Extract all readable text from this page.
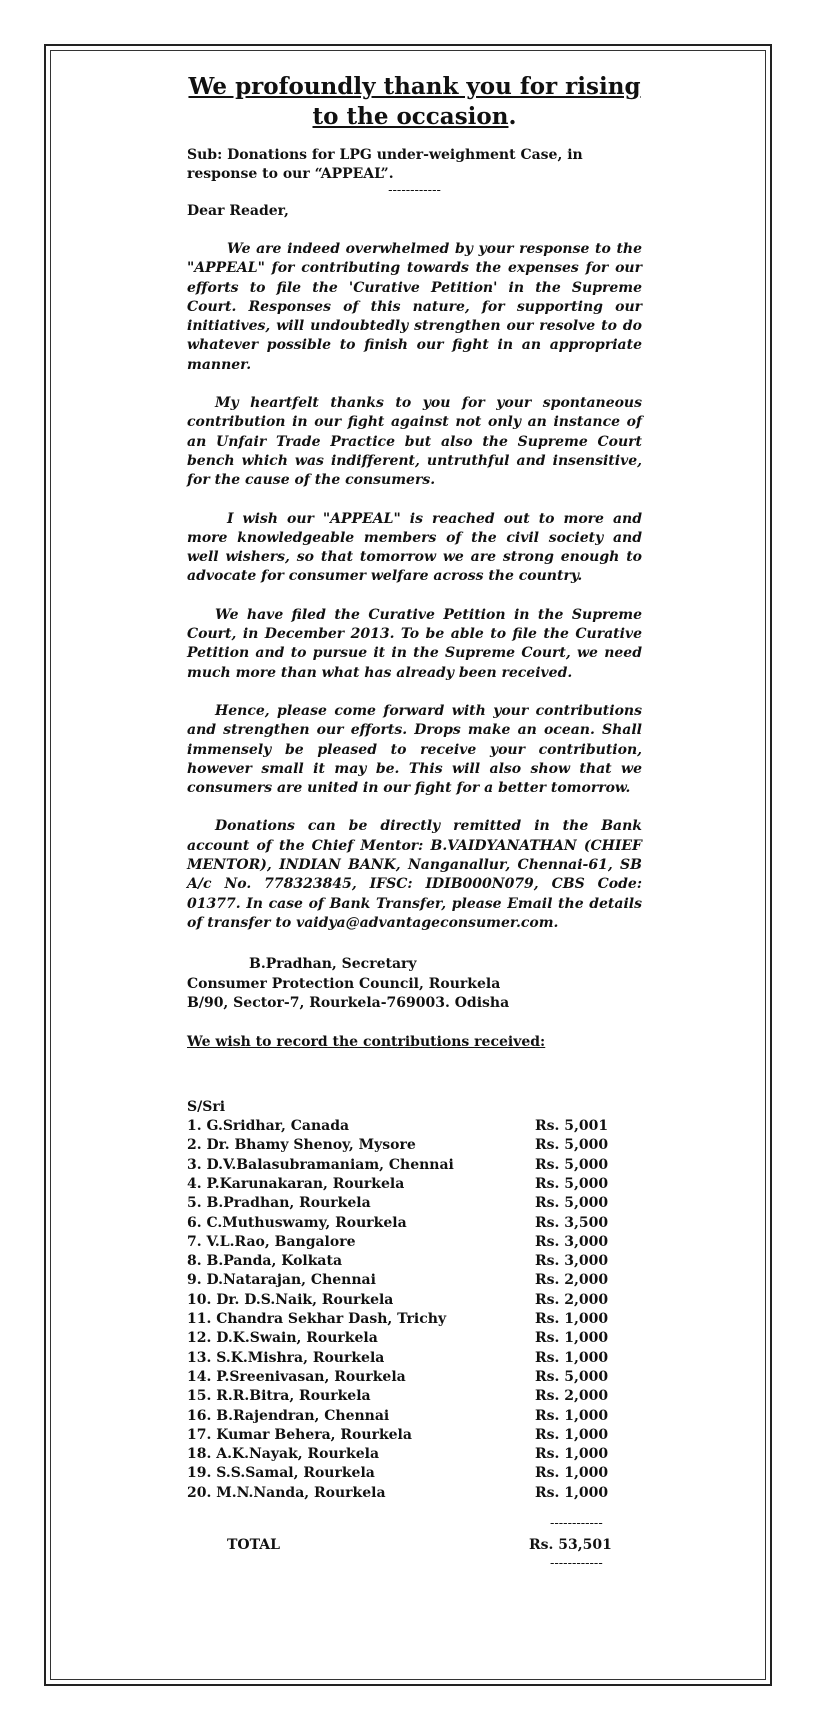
We profoundly thank you for rising
to the occasion.

Sub: Donations for LPG under-weighment Case, in
response to our “APPEAL”.

------------

Dear Reader,

We are indeed overwhelmed by your response to the "APPEAL" for contributing towards the expenses for our efforts to file the 'Curative Petition' in the Supreme Court. Responses of this nature, for supporting our initiatives, will undoubtedly strengthen our resolve to do whatever possible to finish our fight in an appropriate manner.

My heartfelt thanks to you for your spontaneous contribution in our fight against not only an instance of an Unfair Trade Practice but also the Supreme Court bench which was indifferent, untruthful and insensitive, for the cause of the consumers.

I wish our "APPEAL" is reached out to more and more knowledgeable members of the civil society and well wishers, so that tomorrow we are strong enough to advocate for consumer welfare across the country.

We have filed the Curative Petition in the Supreme Court, in December 2013. To be able to file the Curative Petition and to pursue it in the Supreme Court, we need much more than what has already been received.

Hence, please come forward with your contributions and strengthen our efforts. Drops make an ocean. Shall immensely be pleased to receive your contribution, however small it may be. This will also show that we consumers are united in our fight for a better tomorrow.

Donations can be directly remitted in the Bank account of the Chief Mentor: B.VAIDYANATHAN (CHIEF MENTOR), INDIAN BANK, Nanganallur, Chennai-61, SB A/c No. 778323845, IFSC: IDIB000N079, CBS Code: 01377. In case of Bank Transfer, please Email the details of transfer to vaidya@advantageconsumer.com.

B.Pradhan, Secretary
Consumer Protection Council, Rourkela
B/90, Sector-7, Rourkela-769003. Odisha

We wish to record the contributions received:

S/Sri

1. G.Sridhar, Canada	Rs. 5,001
2. Dr. Bhamy Shenoy, Mysore	Rs. 5,000
3. D.V.Balasubramaniam, Chennai	Rs. 5,000
4. P.Karunakaran, Rourkela	Rs. 5,000
5. B.Pradhan, Rourkela	Rs. 5,000
6. C.Muthuswamy, Rourkela	Rs. 3,500
7. V.L.Rao, Bangalore	Rs. 3,000
8. B.Panda, Kolkata	Rs. 3,000
9. D.Natarajan, Chennai	Rs. 2,000
10. Dr. D.S.Naik, Rourkela	Rs. 2,000
11. Chandra Sekhar Dash, Trichy	Rs. 1,000
12. D.K.Swain, Rourkela	Rs. 1,000
13. S.K.Mishra, Rourkela	Rs. 1,000
14. P.Sreenivasan, Rourkela	Rs. 5,000
15. R.R.Bitra, Rourkela	Rs. 2,000
16. B.Rajendran, Chennai	Rs. 1,000
17. Kumar Behera, Rourkela	Rs. 1,000
18. A.K.Nayak, Rourkela	Rs. 1,000
19. S.S.Samal, Rourkela	Rs. 1,000
20. M.N.Nanda, Rourkela	Rs. 1,000
------------
TOTAL	Rs. 53,501
------------
